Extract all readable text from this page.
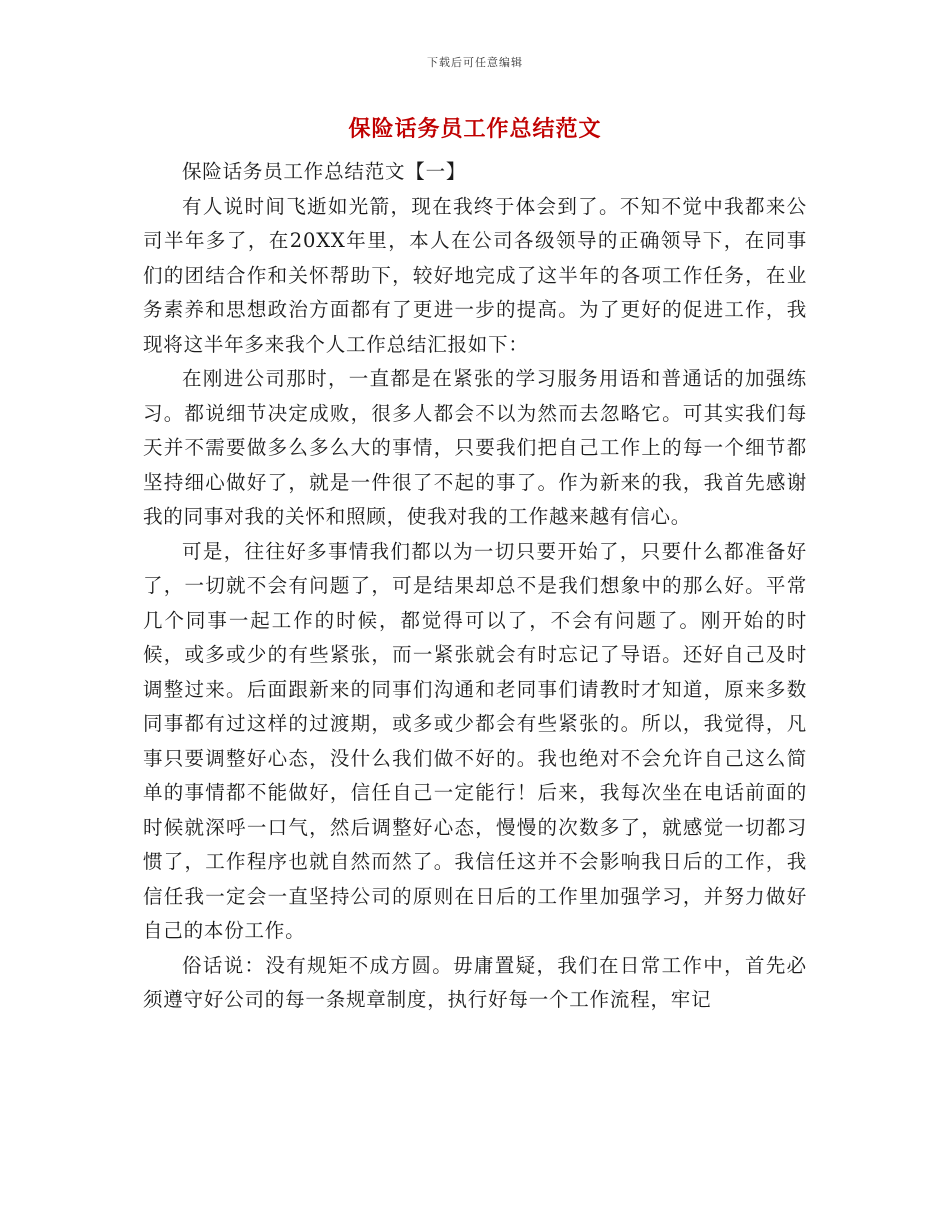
下载后可任意编辑
保险话务员工作总结范文

保险话务员工作总结范文【一】

有人说时间飞逝如光箭，现在我终于体会到了。不知不觉中我都来公司半年多了，在20XX年里，本人在公司各级领导的正确领导下，在同事们的团结合作和关怀帮助下，较好地完成了这半年的各项工作任务，在业务素养和思想政治方面都有了更进一步的提高。为了更好的促进工作，我现将这半年多来我个人工作总结汇报如下：

在刚进公司那时，一直都是在紧张的学习服务用语和普通话的加强练习。都说细节决定成败，很多人都会不以为然而去忽略它。可其实我们每天并不需要做多么多么大的事情，只要我们把自己工作上的每一个细节都坚持细心做好了，就是一件很了不起的事了。作为新来的我，我首先感谢我的同事对我的关怀和照顾，使我对我的工作越来越有信心。

可是，往往好多事情我们都以为一切只要开始了，只要什么都准备好了，一切就不会有问题了，可是结果却总不是我们想象中的那么好。平常几个同事一起工作的时候，都觉得可以了，不会有问题了。刚开始的时候，或多或少的有些紧张，而一紧张就会有时忘记了导语。还好自己及时调整过来。后面跟新来的同事们沟通和老同事们请教时才知道，原来多数同事都有过这样的过渡期，或多或少都会有些紧张的。所以，我觉得，凡事只要调整好心态，没什么我们做不好的。我也绝对不会允许自己这么简单的事情都不能做好，信任自己一定能行！后来，我每次坐在电话前面的时候就深呼一口气，然后调整好心态，慢慢的次数多了，就感觉一切都习惯了，工作程序也就自然而然了。我信任这并不会影响我日后的工作，我信任我一定会一直坚持公司的原则在日后的工作里加强学习，并努力做好自己的本份工作。

俗话说：没有规矩不成方圆。毋庸置疑，我们在日常工作中，首先必须遵守好公司的每一条规章制度，执行好每一个工作流程，牢记
